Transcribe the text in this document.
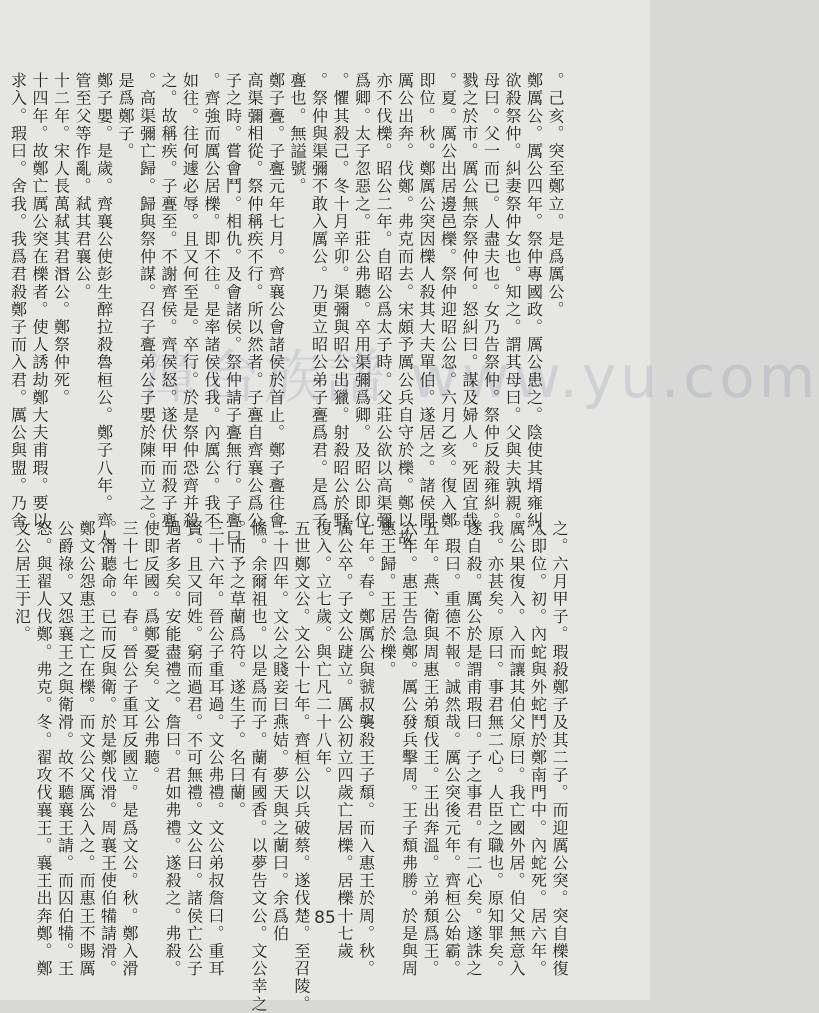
漳台族譜 www.yu.com
。己亥。突至鄭立。是爲厲公。
鄭厲公。厲公四年。祭仲專國政。厲公患之。陰使其壻雍糾。
欲殺祭仲。糾妻祭仲女也。知之。謂其母曰。父與夫孰親。
母曰。父一而已。人盡夫也。女乃告祭仲。祭仲反殺雍糾。
戮之於市。厲公無奈祭仲何。怒糾曰。謀及婦人。死固宜哉
。夏。厲公出居邊邑櫟。祭仲迎昭公忽。六月乙亥。復入鄭
即位。秋。鄭厲公突因櫟人殺其大夫單伯。遂居之。諸侯聞
厲公出奔。伐鄭。弗克而去。宋頗予厲公兵自守於櫟。鄭以故
亦不伐櫟。昭公二年。自昭公爲太子時。父莊公欲以高渠彌
爲卿。太子忽惡之。莊公弗聽。卒用渠彌爲卿。及昭公即位
。懼其殺己。冬十月辛卯。渠彌與昭公出獵。射殺昭公於野
。祭仲與渠彌不敢入厲公。乃更立昭公弟子亹爲君。是爲子
亹也。無謚號。
鄭子亹。子亹元年七月。齊襄公會諸侯於首止。鄭子亹往會。
高渠彌相從。祭仲稱疾不行。所以然者。子亹自齊襄公爲公
子之時。嘗會鬥。相仇。及會諸侯。祭仲請子亹無行。子亹曰
。齊強而厲公居櫟。即不往。是率諸侯伐我。內厲公。我不
如往。往何遽必辱。且又何至是。卒行。於是祭仲恐齊并殺
之。故稱疾。子亹至。不謝齊侯。齊侯怒。遂伏甲而殺子亹
。高渠彌亡歸。歸與祭仲謀。召子亹弟公子嬰於陳而立之。
是爲鄭子。
鄭子嬰。是歲。齊襄公使彭生醉拉殺魯桓公。鄭子八年。齊人
管至父等作亂。弒其君襄公。
十二年。宋人長萬弒其君湣公。鄭祭仲死。
十四年。故鄭亡厲公突在櫟者。使人誘劫鄭大夫甫瑕。要以
求入。瑕曰。舍我。我爲君殺鄭子而入君。厲公與盟。乃舍
之。六月甲子。瑕殺鄭子及其二子。而迎厲公突。突自櫟復
入即位。初。內蛇與外蛇鬥於鄭南門中。內蛇死。居六年。
厲公果復入。入而讓其伯父原曰。我亡國外居。伯父無意入
我。亦甚矣。原曰。事君無二心。人臣之職也。原知罪矣。
遂自殺。厲公於是謂甫瑕曰。子之事君。有二心矣。遂誅之
。瑕曰。重德不報。誠然哉。厲公突後元年。齊桓公始霸。
五年。燕、衛與周惠王弟頹伐王。王出奔溫。立弟頹爲王。
六年。惠王告急鄭。厲公發兵擊周。王子頹弗勝。於是與周
惠王歸。王居於櫟。
七年。春。鄭厲公與虢叔襲殺王子頹。而入惠王於周。秋。
厲公卒。子文公踕立。厲公初立四歲亡居櫟。居櫟十七歲
復入。立七歲。與亡凡二十八年。
五世鄭文公。文公十七年。齊桓公以兵破蔡。遂伐楚。至召陵。
二十四年。文公之賤妾曰燕姞。夢天與之蘭曰。余爲伯
鯈。余爾祖也。以是爲而子。蘭有國香。以夢告文公。文公幸之
。而予之草蘭爲符。遂生子。名曰蘭。
三十六年。晉公子重耳過。文公弗禮。文公弟叔詹曰。重耳
賢。且又同姓。窮而過君。不可無禮。文公曰。諸侯亡公子
過者多矣。安能盡禮之。詹曰。君如弗禮。遂殺之。弗殺。
使即反國。爲鄭憂矣。文公弗聽。
三十七年。春。晉公子重耳反國立。是爲文公。秋。鄭入滑
。滑聽命。已而反與衛。於是鄭伐滑。周襄王使伯犕請滑。
鄭文公怨惠王之亡在櫟。而文公父厲公入之。而惠王不賜厲
公爵祿。又怨襄王之與衛滑。故不聽襄王請。而囚伯犕。王
怒。與翟人伐鄭。弗克。冬。翟攻伐襄王。襄王出奔鄭。鄭
文公居王于氾。
85
